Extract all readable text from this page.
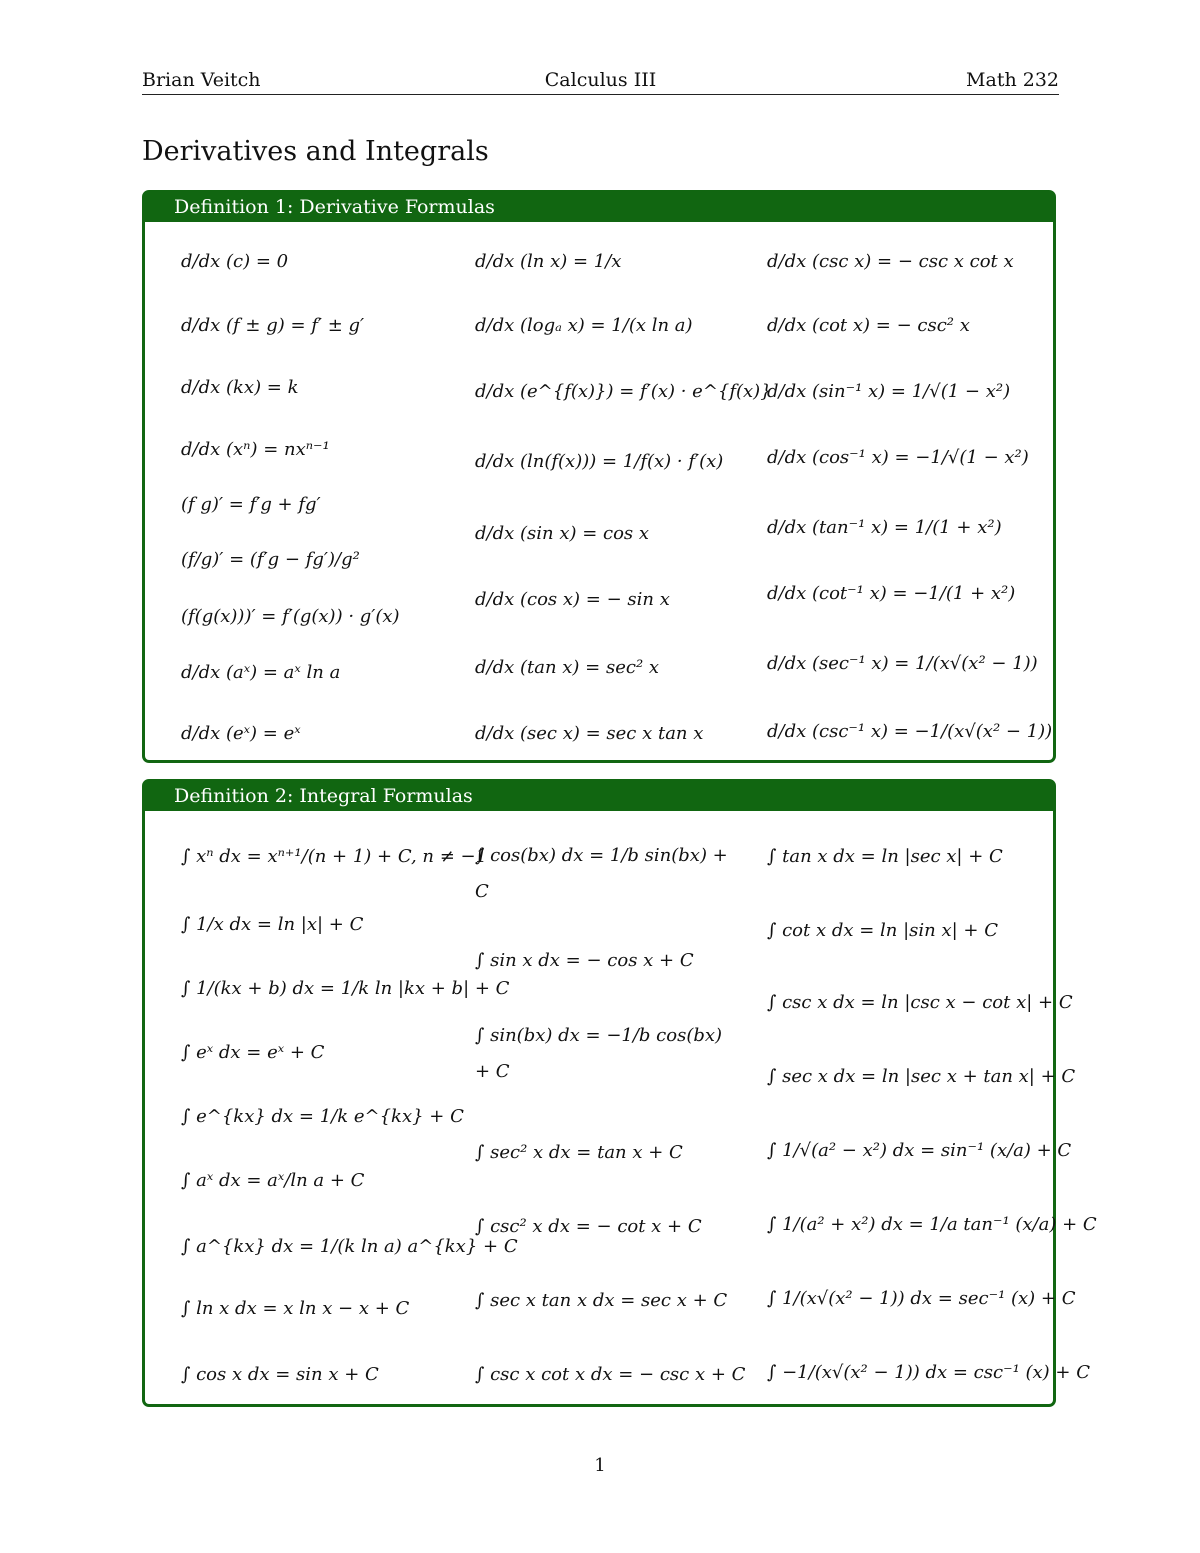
Brian Veitch	Calculus III	Math 232
Derivatives and Integrals
Definition 1: Derivative Formulas
d/dx (c) = 0
d/dx (f ± g) = f′ ± g′
d/dx (kx) = k
d/dx (xⁿ) = nxⁿ⁻¹
(f g)′ = f′g + fg′
(f/g)′ = (f′g − fg′)/g²
(f(g(x)))′ = f′(g(x)) · g′(x)
d/dx (aˣ) = aˣ ln a
d/dx (eˣ) = eˣ
d/dx (ln x) = 1/x
d/dx (logₐ x) = 1/(x ln a)
d/dx (e^{f(x)}) = f′(x) · e^{f(x)}
d/dx (ln(f(x))) = 1/f(x) · f′(x)
d/dx (sin x) = cos x
d/dx (cos x) = − sin x
d/dx (tan x) = sec² x
d/dx (sec x) = sec x tan x
d/dx (csc x) = − csc x cot x
d/dx (cot x) = − csc² x
d/dx (sin⁻¹ x) = 1/√(1 − x²)
d/dx (cos⁻¹ x) = −1/√(1 − x²)
d/dx (tan⁻¹ x) = 1/(1 + x²)
d/dx (cot⁻¹ x) = −1/(1 + x²)
d/dx (sec⁻¹ x) = 1/(x√(x² − 1))
d/dx (csc⁻¹ x) = −1/(x√(x² − 1))
Definition 2: Integral Formulas
∫ xⁿ dx = xⁿ⁺¹/(n + 1) + C, n ≠ −1
∫ 1/x dx = ln |x| + C
∫ 1/(kx + b) dx = 1/k ln |kx + b| + C
∫ eˣ dx = eˣ + C
∫ e^{kx} dx = 1/k e^{kx} + C
∫ aˣ dx = aˣ/ln a + C
∫ a^{kx} dx = 1/(k ln a) a^{kx} + C
∫ ln x dx = x ln x − x + C
∫ cos x dx = sin x + C
∫ cos(bx) dx = 1/b sin(bx) + C
∫ sin x dx = − cos x + C
∫ sin(bx) dx = −1/b cos(bx) + C
∫ sec² x dx = tan x + C
∫ csc² x dx = − cot x + C
∫ sec x tan x dx = sec x + C
∫ csc x cot x dx = − csc x + C
∫ tan x dx = ln |sec x| + C
∫ cot x dx = ln |sin x| + C
∫ csc x dx = ln |csc x − cot x| + C
∫ sec x dx = ln |sec x + tan x| + C
∫ 1/√(a² − x²) dx = sin⁻¹ (x/a) + C
∫ 1/(a² + x²) dx = 1/a tan⁻¹ (x/a) + C
∫ 1/(x√(x² − 1)) dx = sec⁻¹ (x) + C
∫ −1/(x√(x² − 1)) dx = csc⁻¹ (x) + C
1
